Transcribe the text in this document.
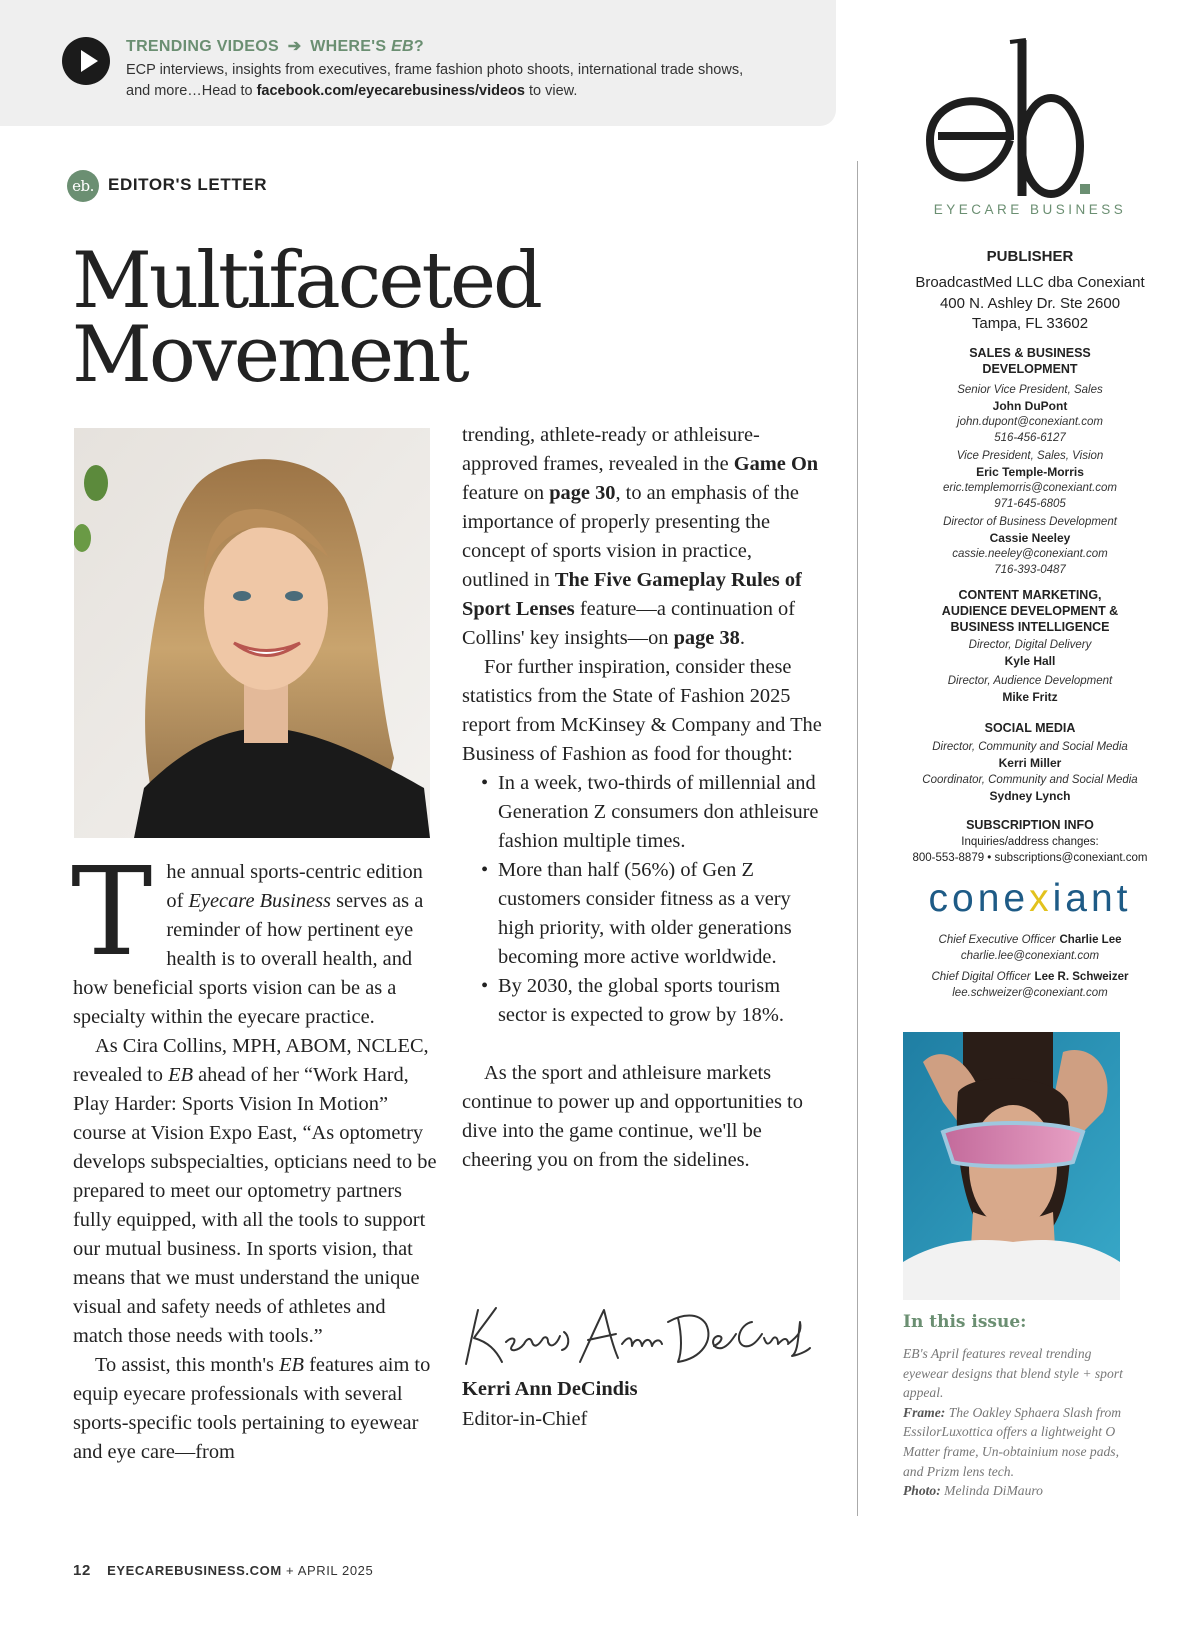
TRENDING VIDEOS ➔ WHERE'S EB?
ECP interviews, insights from executives, frame fashion photo shoots, international trade shows, and more…Head to facebook.com/eyecarebusiness/videos to view.
eb. EDITOR'S LETTER
Multifaceted
Movement

The annual sports-centric edition of Eyecare Business serves as a reminder of how pertinent eye health is to overall health, and how beneficial sports vision can be as a specialty within the eyecare practice.

As Cira Collins, MPH, ABOM, NCLEC, revealed to EB ahead of her “Work Hard, Play Harder: Sports Vision In Motion” course at Vision Expo East, “As optometry develops subspecialties, opticians need to be prepared to meet our optometry partners fully equipped, with all the tools to support our mutual business. In sports vision, that means that we must understand the unique visual and safety needs of athletes and match those needs with tools.”

To assist, this month's EB features aim to equip eyecare professionals with several sports-specific tools pertaining to eyewear and eye care—from

trending, athlete-ready or athleisure-approved frames, revealed in the Game On feature on page 30, to an emphasis of the importance of properly presenting the concept of sports vision in practice, outlined in The Five Gameplay Rules of Sport Lenses feature—a continuation of Collins' key insights—on page 38.

For further inspiration, consider these statistics from the State of Fashion 2025 report from McKinsey & Company and The Business of Fashion as food for thought:

• In a week, two-thirds of millennial and Generation Z consumers don athleisure fashion multiple times.
• More than half (56%) of Gen Z customers consider fitness as a very high priority, with older generations becoming more active worldwide.
• By 2030, the global sports tourism sector is expected to grow by 18%.

As the sport and athleisure markets continue to power up and opportunities to dive into the game continue, we'll be cheering you on from the sidelines.

Kerri Ann DeCindis
Editor-in-Chief
12 EYECAREBUSINESS.COM + APRIL 2025
EYECARE BUSINESS
PUBLISHER
BroadcastMed LLC dba Conexiant
400 N. Ashley Dr. Ste 2600
Tampa, FL 33602
SALES & BUSINESS
DEVELOPMENT
Senior Vice President, Sales
John DuPont
john.dupont@conexiant.com
516-456-6127
Vice President, Sales, Vision
Eric Temple-Morris
eric.templemorris@conexiant.com
971-645-6805
Director of Business Development
Cassie Neeley
cassie.neeley@conexiant.com
716-393-0487
CONTENT MARKETING,
AUDIENCE DEVELOPMENT &
BUSINESS INTELLIGENCE
Director, Digital Delivery
Kyle Hall
Director, Audience Development
Mike Fritz
SOCIAL MEDIA
Director, Community and Social Media
Kerri Miller
Coordinator, Community and Social Media
Sydney Lynch
SUBSCRIPTION INFO
Inquiries/address changes:
800-553-8879 • subscriptions@conexiant.com
conexiant
Chief Executive Officer Charlie Lee
charlie.lee@conexiant.com
Chief Digital Officer Lee R. Schweizer
lee.schweizer@conexiant.com
In this issue:
EB's April features reveal trending eyewear designs that blend style + sport appeal.
Frame: The Oakley Sphaera Slash from EssilorLuxottica offers a lightweight O Matter frame, Un-obtainium nose pads, and Prizm lens tech.
Photo: Melinda DiMauro
